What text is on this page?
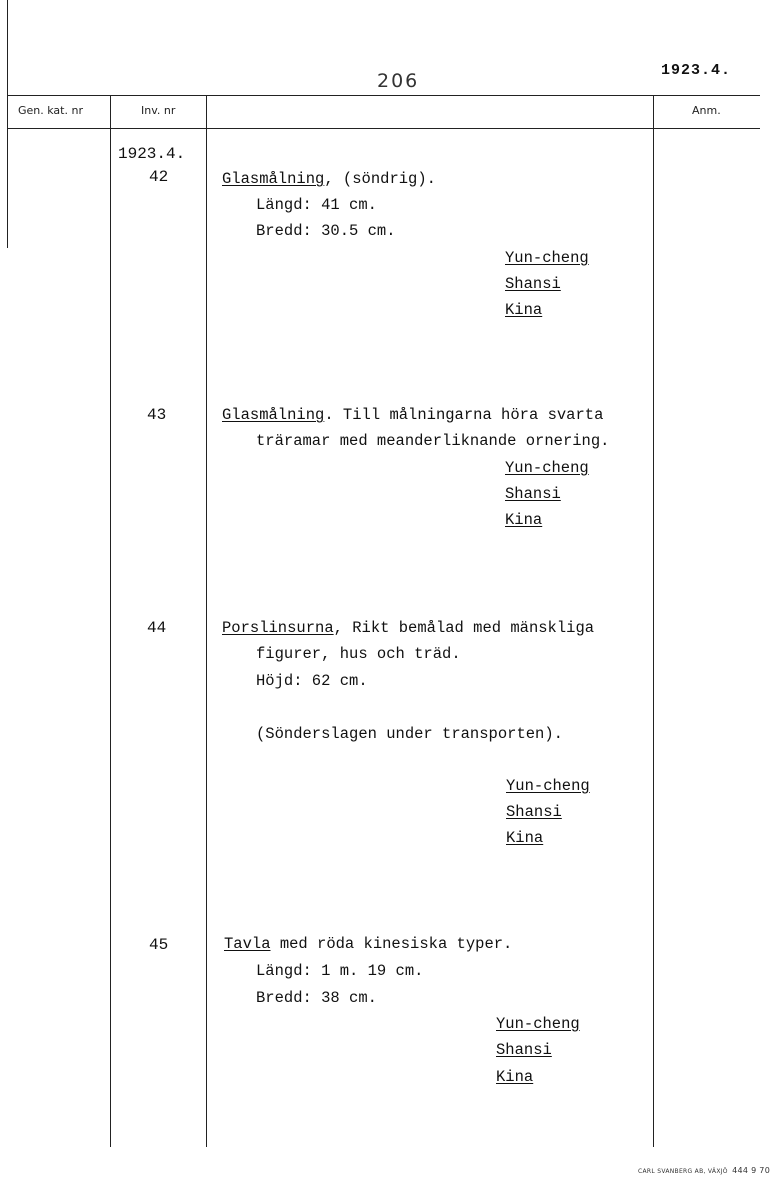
206	1923.4.
Gen. kat. nr	Inv. nr	Anm.
1923.4.
42	Glasmålning, (söndrig).
Längd: 41 cm.
Bredd: 30.5 cm.
Yun-cheng
Shansi
Kina
43	Glasmålning. Till målningarna höra svarta
träramar med meanderliknande ornering.
Yun-cheng
Shansi
Kina
44	Porslinsurna, Rikt bemålad med mänskliga
figurer, hus och träd.
Höjd: 62 cm.
(Sönderslagen under transporten).
Yun-cheng
Shansi
Kina
45	Tavla med röda kinesiska typer.
Längd: 1 m. 19 cm.
Bredd: 38 cm.
Yun-cheng
Shansi
Kina
CARL SVANBERG AB, VÄXJÖ 444 9 70
